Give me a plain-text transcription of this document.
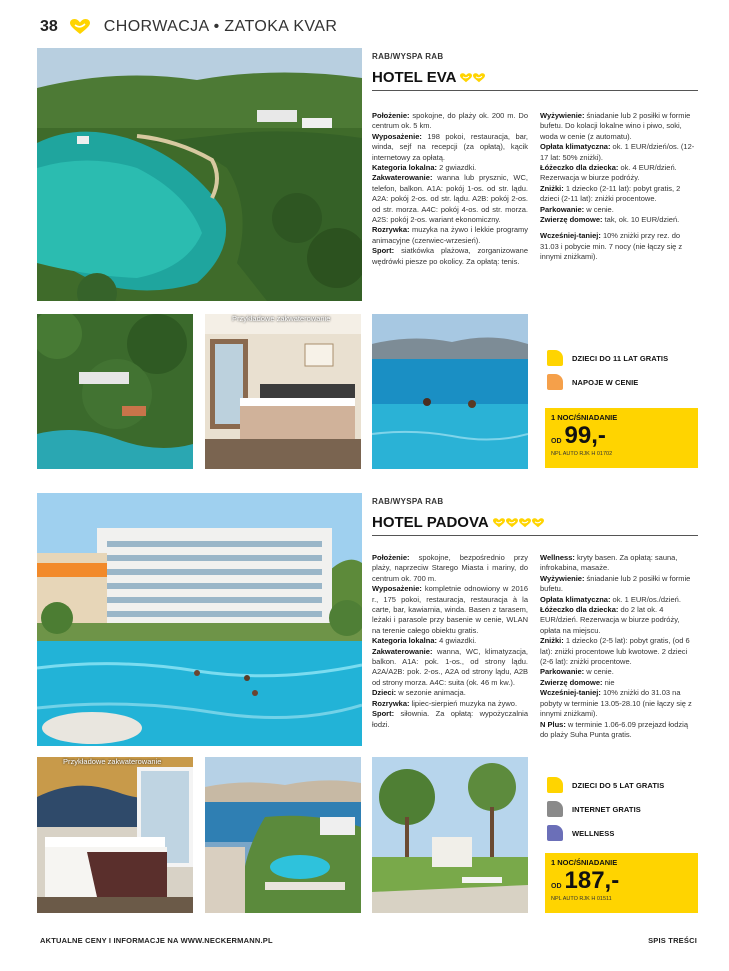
38	CHORWACJA • ZATOKA KVAR
RAB/WYSPA RAB
HOTEL EVA

Położenie: spokojne, do plaży ok. 200 m. Do centrum ok. 5 km.

Wyposażenie: 198 pokoi, restauracja, bar, winda, sejf na recepcji (za opłatą), kącik internetowy za opłatą.

Kategoria lokalna: 2 gwiazdki.

Zakwaterowanie: wanna lub prysznic, WC, telefon, balkon. A1A: pokój 1-os. od str. lądu. A2A: pokój 2-os. od str. lądu. A2B: pokój 2-os. od str. morza. A4C: pokój 4-os. od str. morza. A2S: pokój 2-os. wariant ekonomiczny.

Rozrywka: muzyka na żywo i lekkie programy animacyjne (czerwiec-wrzesień).

Sport: siatkówka plażowa, zorganizowane wędrówki piesze po okolicy. Za opłatą: tenis.

Wyżywienie: śniadanie lub 2 posiłki w formie bufetu. Do kolacji lokalne wino i piwo, soki, woda w cenie (z automatu).

Opłata klimatyczna: ok. 1 EUR/dzień/os. (12-17 lat: 50% zniżki).

Łóżeczko dla dziecka: ok. 4 EUR/dzień. Rezerwacja w biurze podróży.

Zniżki: 1 dziecko (2-11 lat): pobyt gratis, 2 dzieci (2-11 lat): zniżki procentowe.

Parkowanie: w cenie.

Zwierzę domowe: tak, ok. 10 EUR/dzień.

Wcześniej-taniej: 10% zniżki przy rez. do 31.03 i pobycie min. 7 nocy (nie łączy się z innymi zniżkami).

Przykładowe zakwaterowanie
DZIECI DO 11 LAT GRATIS
NAPOJE W CENIE
1 NOC/ŚNIADANIE
OD 99,-
NPL AUTO RJK H 01702
RAB/WYSPA RAB
HOTEL PADOVA

Położenie: spokojne, bezpośrednio przy plaży, naprzeciw Starego Miasta i mariny, do centrum ok. 700 m.

Wyposażenie: kompletnie odnowiony w 2016 r., 175 pokoi, restauracja, restauracja à la carte, bar, kawiarnia, winda. Basen z tarasem, leżaki i parasole przy basenie w cenie, WLAN na terenie całego obiektu gratis.

Kategoria lokalna: 4 gwiazdki.

Zakwaterowanie: wanna, WC, klimatyzacja, balkon. A1A: pok. 1-os., od strony lądu. A2A/A2B: pok. 2-os., A2A od strony lądu, A2B od strony morza. A4C: suita (ok. 46 m kw.).

Dzieci: w sezonie animacja.

Rozrywka: lipiec-sierpień muzyka na żywo.

Sport: siłownia. Za opłatą: wypożyczalnia łodzi.

Wellness: kryty basen. Za opłatą: sauna, infrokabina, masaże.

Wyżywienie: śniadanie lub 2 posiłki w formie bufetu.

Opłata klimatyczna: ok. 1 EUR/os./dzień.

Łóżeczko dla dziecka: do 2 lat ok. 4 EUR/dzień. Rezerwacja w biurze podróży, opłata na miejscu.

Zniżki: 1 dziecko (2-5 lat): pobyt gratis, (od 6 lat): zniżki procentowe lub kwotowe. 2 dzieci (2-6 lat): zniżki procentowe.

Parkowanie: w cenie.

Zwierzę domowe: nie

Wcześniej-taniej: 10% zniżki do 31.03 na pobyty w terminie 13.05-28.10 (nie łączy się z innymi zniżkami).

N Plus: w terminie 1.06-6.09 przejazd łodzią do plaży Suha Punta gratis.

Przykładowe zakwaterowanie
DZIECI DO 5 LAT GRATIS
INTERNET GRATIS
WELLNESS
1 NOC/ŚNIADANIE
OD 187,-
NPL AUTO RJK H 01511
AKTUALNE CENY I INFORMACJE NA WWW.NECKERMANN.PL	SPIS TREŚCI
